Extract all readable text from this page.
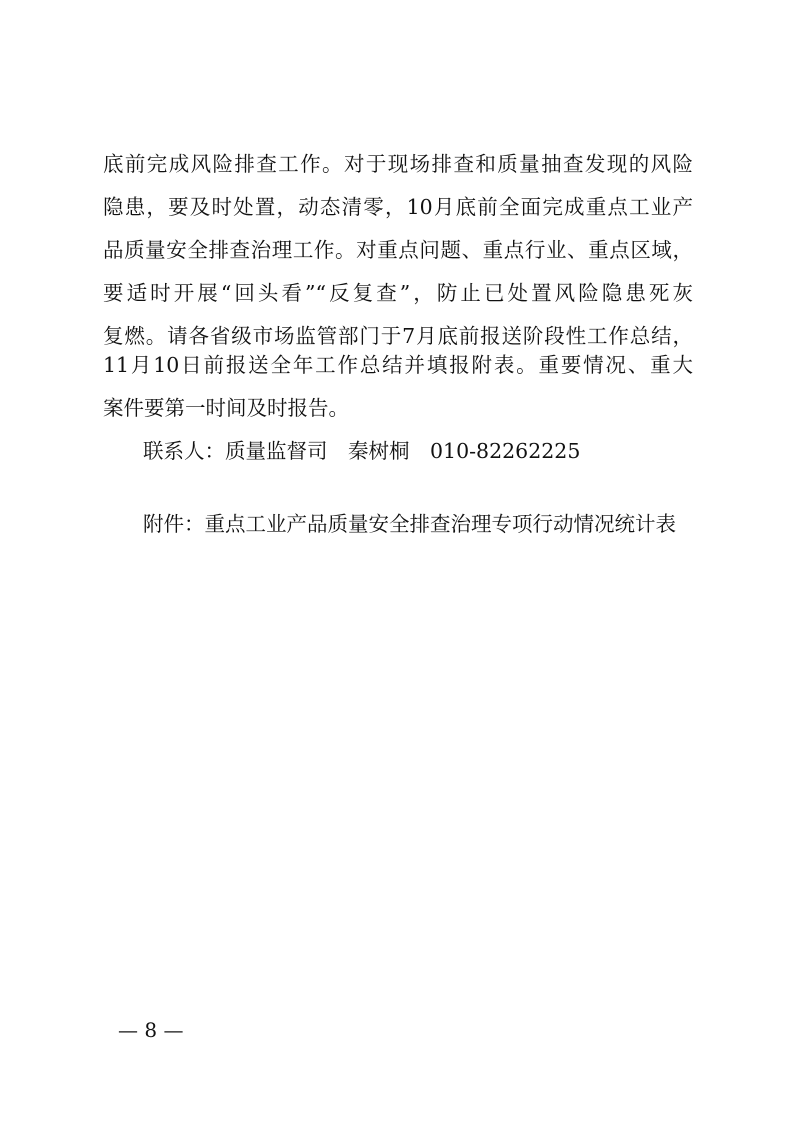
底前完成风险排查工作。对于现场排查和质量抽查发现的风险
隐患，要及时处置，动态清零，10月底前全面完成重点工业产
品质量安全排查治理工作。对重点问题、重点行业、重点区域，
要适时开展“回头看”“反复查”，防止已处置风险隐患死灰
复燃。请各省级市场监管部门于7月底前报送阶段性工作总结，
11月10日前报送全年工作总结并填报附表。重要情况、重大
案件要第一时间及时报告。
联系人：质量监督司　秦树桐　010-82262225
附件：重点工业产品质量安全排查治理专项行动情况统计表
— 8 —
